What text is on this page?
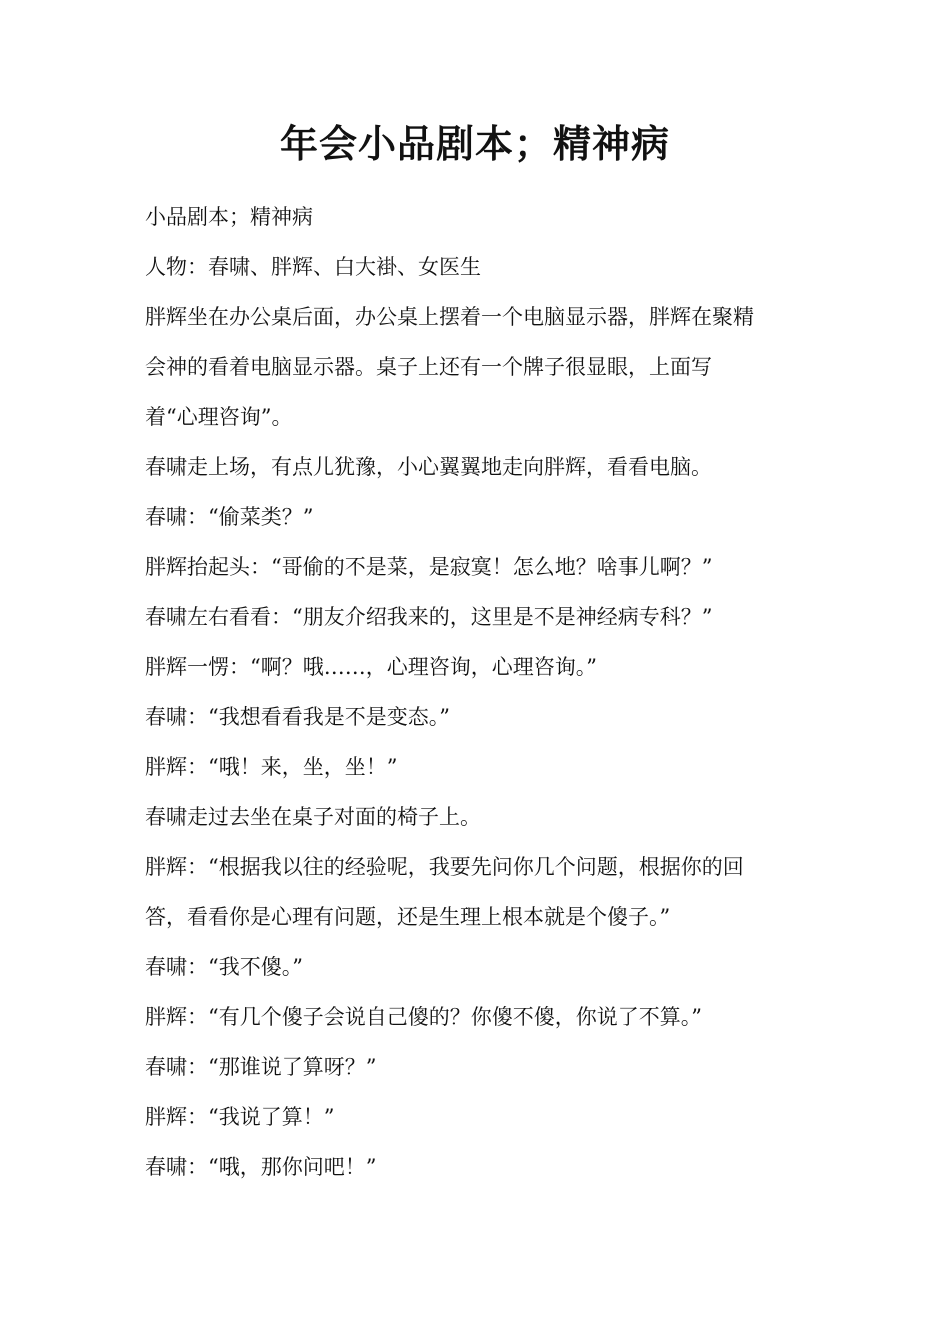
年会小品剧本；精神病

小品剧本；精神病

人物：春啸、胖辉、白大褂、女医生

胖辉坐在办公桌后面，办公桌上摆着一个电脑显示器，胖辉在聚精

会神的看着电脑显示器。桌子上还有一个牌子很显眼，上面写

着“心理咨询”。

春啸走上场，有点儿犹豫，小心翼翼地走向胖辉，看看电脑。

春啸：“偷菜类？”

胖辉抬起头：“哥偷的不是菜，是寂寞！怎么地？啥事儿啊？”

春啸左右看看：“朋友介绍我来的，这里是不是神经病专科？”

胖辉一愣：“啊？哦……，心理咨询，心理咨询。”

春啸：“我想看看我是不是变态。”

胖辉：“哦！来，坐，坐！”

春啸走过去坐在桌子对面的椅子上。

胖辉：“根据我以往的经验呢，我要先问你几个问题，根据你的回

答，看看你是心理有问题，还是生理上根本就是个傻子。”

春啸：“我不傻。”

胖辉：“有几个傻子会说自己傻的？你傻不傻，你说了不算。”

春啸：“那谁说了算呀？”

胖辉：“我说了算！”

春啸：“哦，那你问吧！”
